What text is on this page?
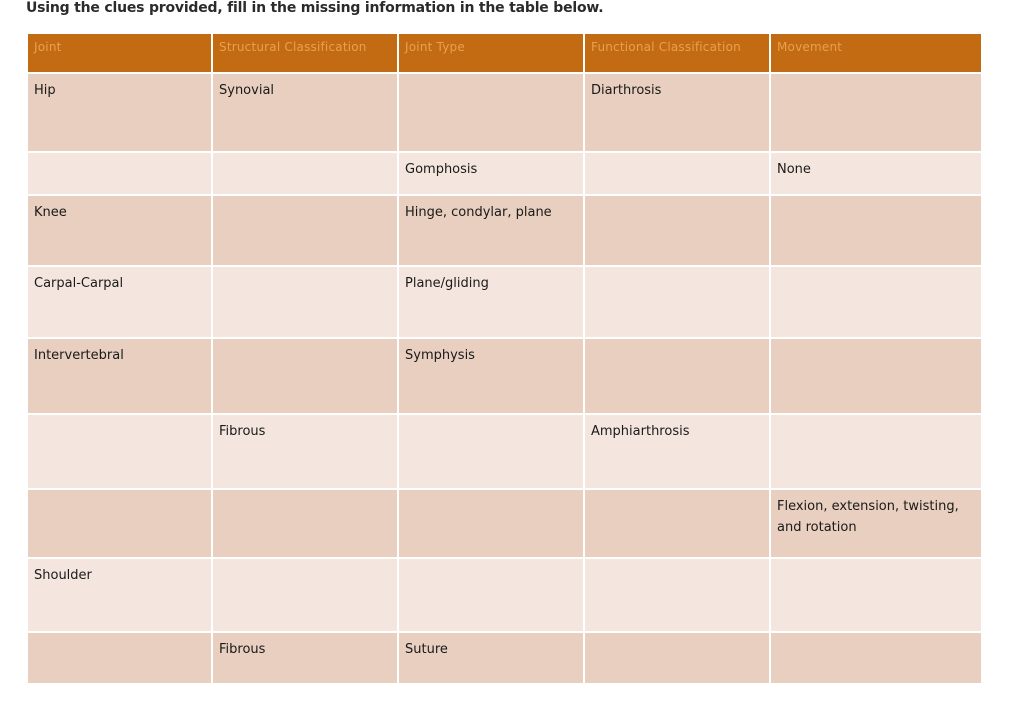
Using the clues provided, fill in the missing information in the table below.
Joint	Structural Classification	Joint Type	Functional Classification	Movement
Hip	Synovial		Diarthrosis	
		Gomphosis		None
Knee		Hinge, condylar, plane		
Carpal-Carpal		Plane/gliding		
Intervertebral		Symphysis		
	Fibrous		Amphiarthrosis	
				Flexion, extension, twisting, and rotation
Shoulder				
	Fibrous	Suture		
